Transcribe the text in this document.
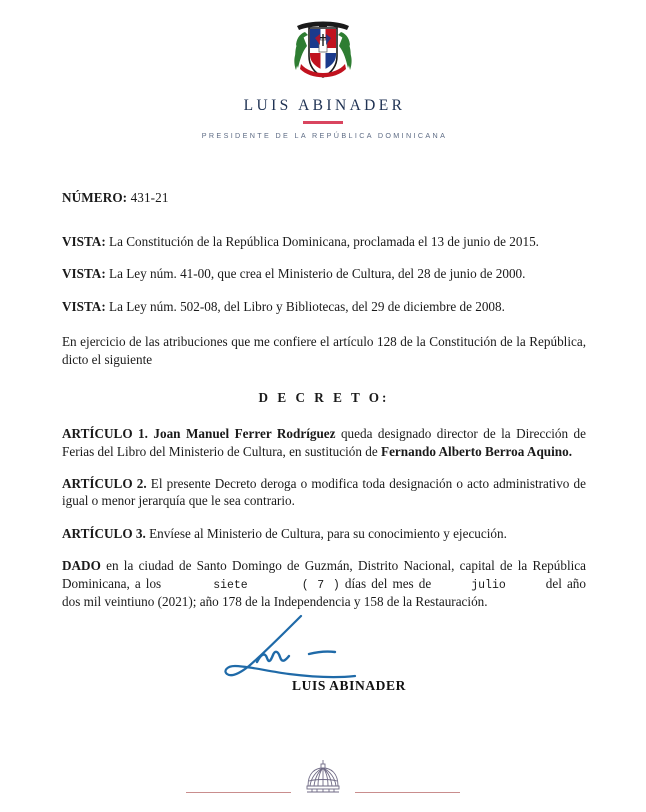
LUIS ABINADER
PRESIDENTE DE LA REPÚBLICA DOMINICANA
NÚMERO: 431-21

VISTA: La Constitución de la República Dominicana, proclamada el 13 de junio de 2015.

VISTA: La Ley núm. 41-00, que crea el Ministerio de Cultura, del 28 de junio de 2000.

VISTA: La Ley núm. 502-08, del Libro y Bibliotecas, del 29 de diciembre de 2008.

En ejercicio de las atribuciones que me confiere el artículo 128 de la Constitución de la República, dicto el siguiente

D E C R E T O:

ARTÍCULO 1. Joan Manuel Ferrer Rodríguez queda designado director de la Dirección de Ferias del Libro del Ministerio de Cultura, en sustitución de Fernando Alberto Berroa Aquino.

ARTÍCULO 2. El presente Decreto deroga o modifica toda designación o acto administrativo de igual o menor jerarquía que le sea contrario.

ARTÍCULO 3. Envíese al Ministerio de Cultura, para su conocimiento y ejecución.

DADO en la ciudad de Santo Domingo de Guzmán, Distrito Nacional, capital de la República Dominicana, a los	siete	( 7 ) días del mes de	julio	del año dos mil veintiuno (2021); año 178 de la Independencia y 158 de la Restauración.

LUIS ABINADER
